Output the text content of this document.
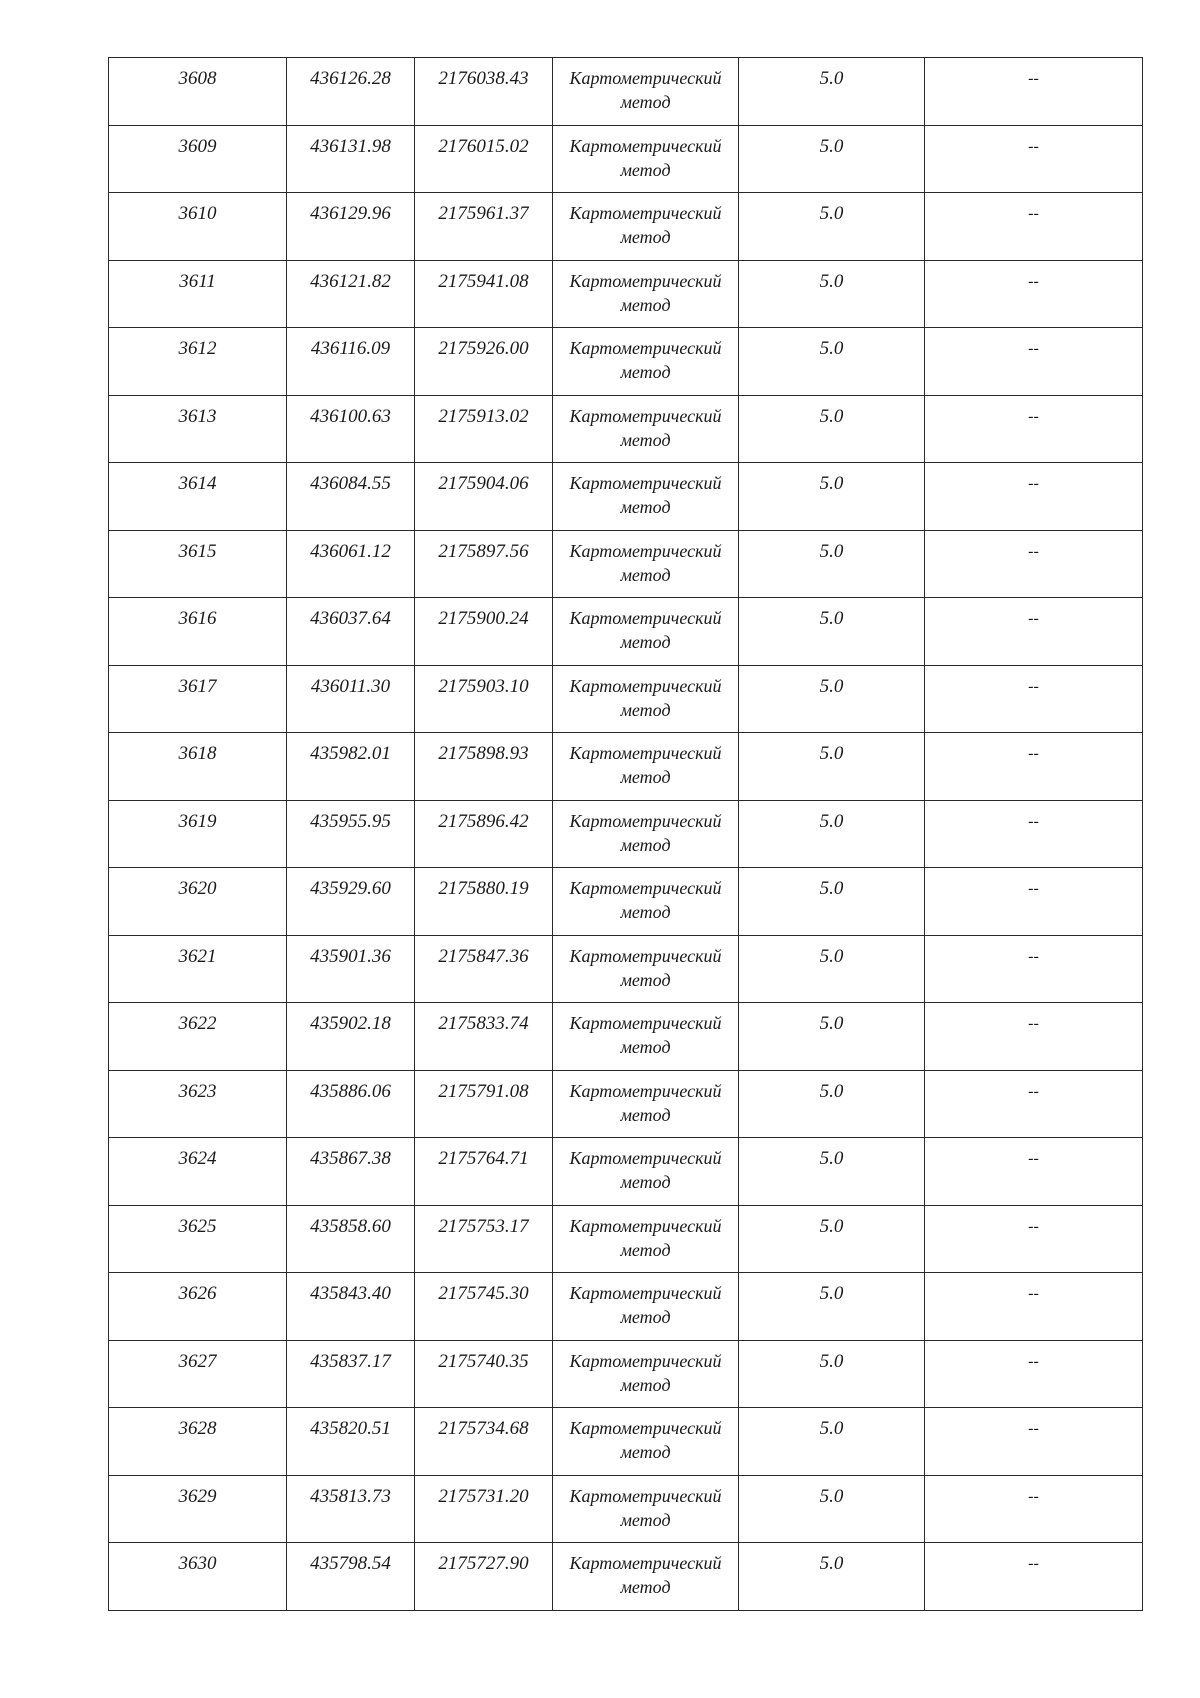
3608	436126.28	2176038.43	Картометрический
метод	5.0	--

3609	436131.98	2176015.02	Картометрический
метод	5.0	--

3610	436129.96	2175961.37	Картометрический
метод	5.0	--

3611	436121.82	2175941.08	Картометрический
метод	5.0	--

3612	436116.09	2175926.00	Картометрический
метод	5.0	--

3613	436100.63	2175913.02	Картометрический
метод	5.0	--

3614	436084.55	2175904.06	Картометрический
метод	5.0	--

3615	436061.12	2175897.56	Картометрический
метод	5.0	--

3616	436037.64	2175900.24	Картометрический
метод	5.0	--

3617	436011.30	2175903.10	Картометрический
метод	5.0	--

3618	435982.01	2175898.93	Картометрический
метод	5.0	--

3619	435955.95	2175896.42	Картометрический
метод	5.0	--

3620	435929.60	2175880.19	Картометрический
метод	5.0	--

3621	435901.36	2175847.36	Картометрический
метод	5.0	--

3622	435902.18	2175833.74	Картометрический
метод	5.0	--

3623	435886.06	2175791.08	Картометрический
метод	5.0	--

3624	435867.38	2175764.71	Картометрический
метод	5.0	--

3625	435858.60	2175753.17	Картометрический
метод	5.0	--

3626	435843.40	2175745.30	Картометрический
метод	5.0	--

3627	435837.17	2175740.35	Картометрический
метод	5.0	--

3628	435820.51	2175734.68	Картометрический
метод	5.0	--

3629	435813.73	2175731.20	Картометрический
метод	5.0	--

3630	435798.54	2175727.90	Картометрический
метод	5.0	--
